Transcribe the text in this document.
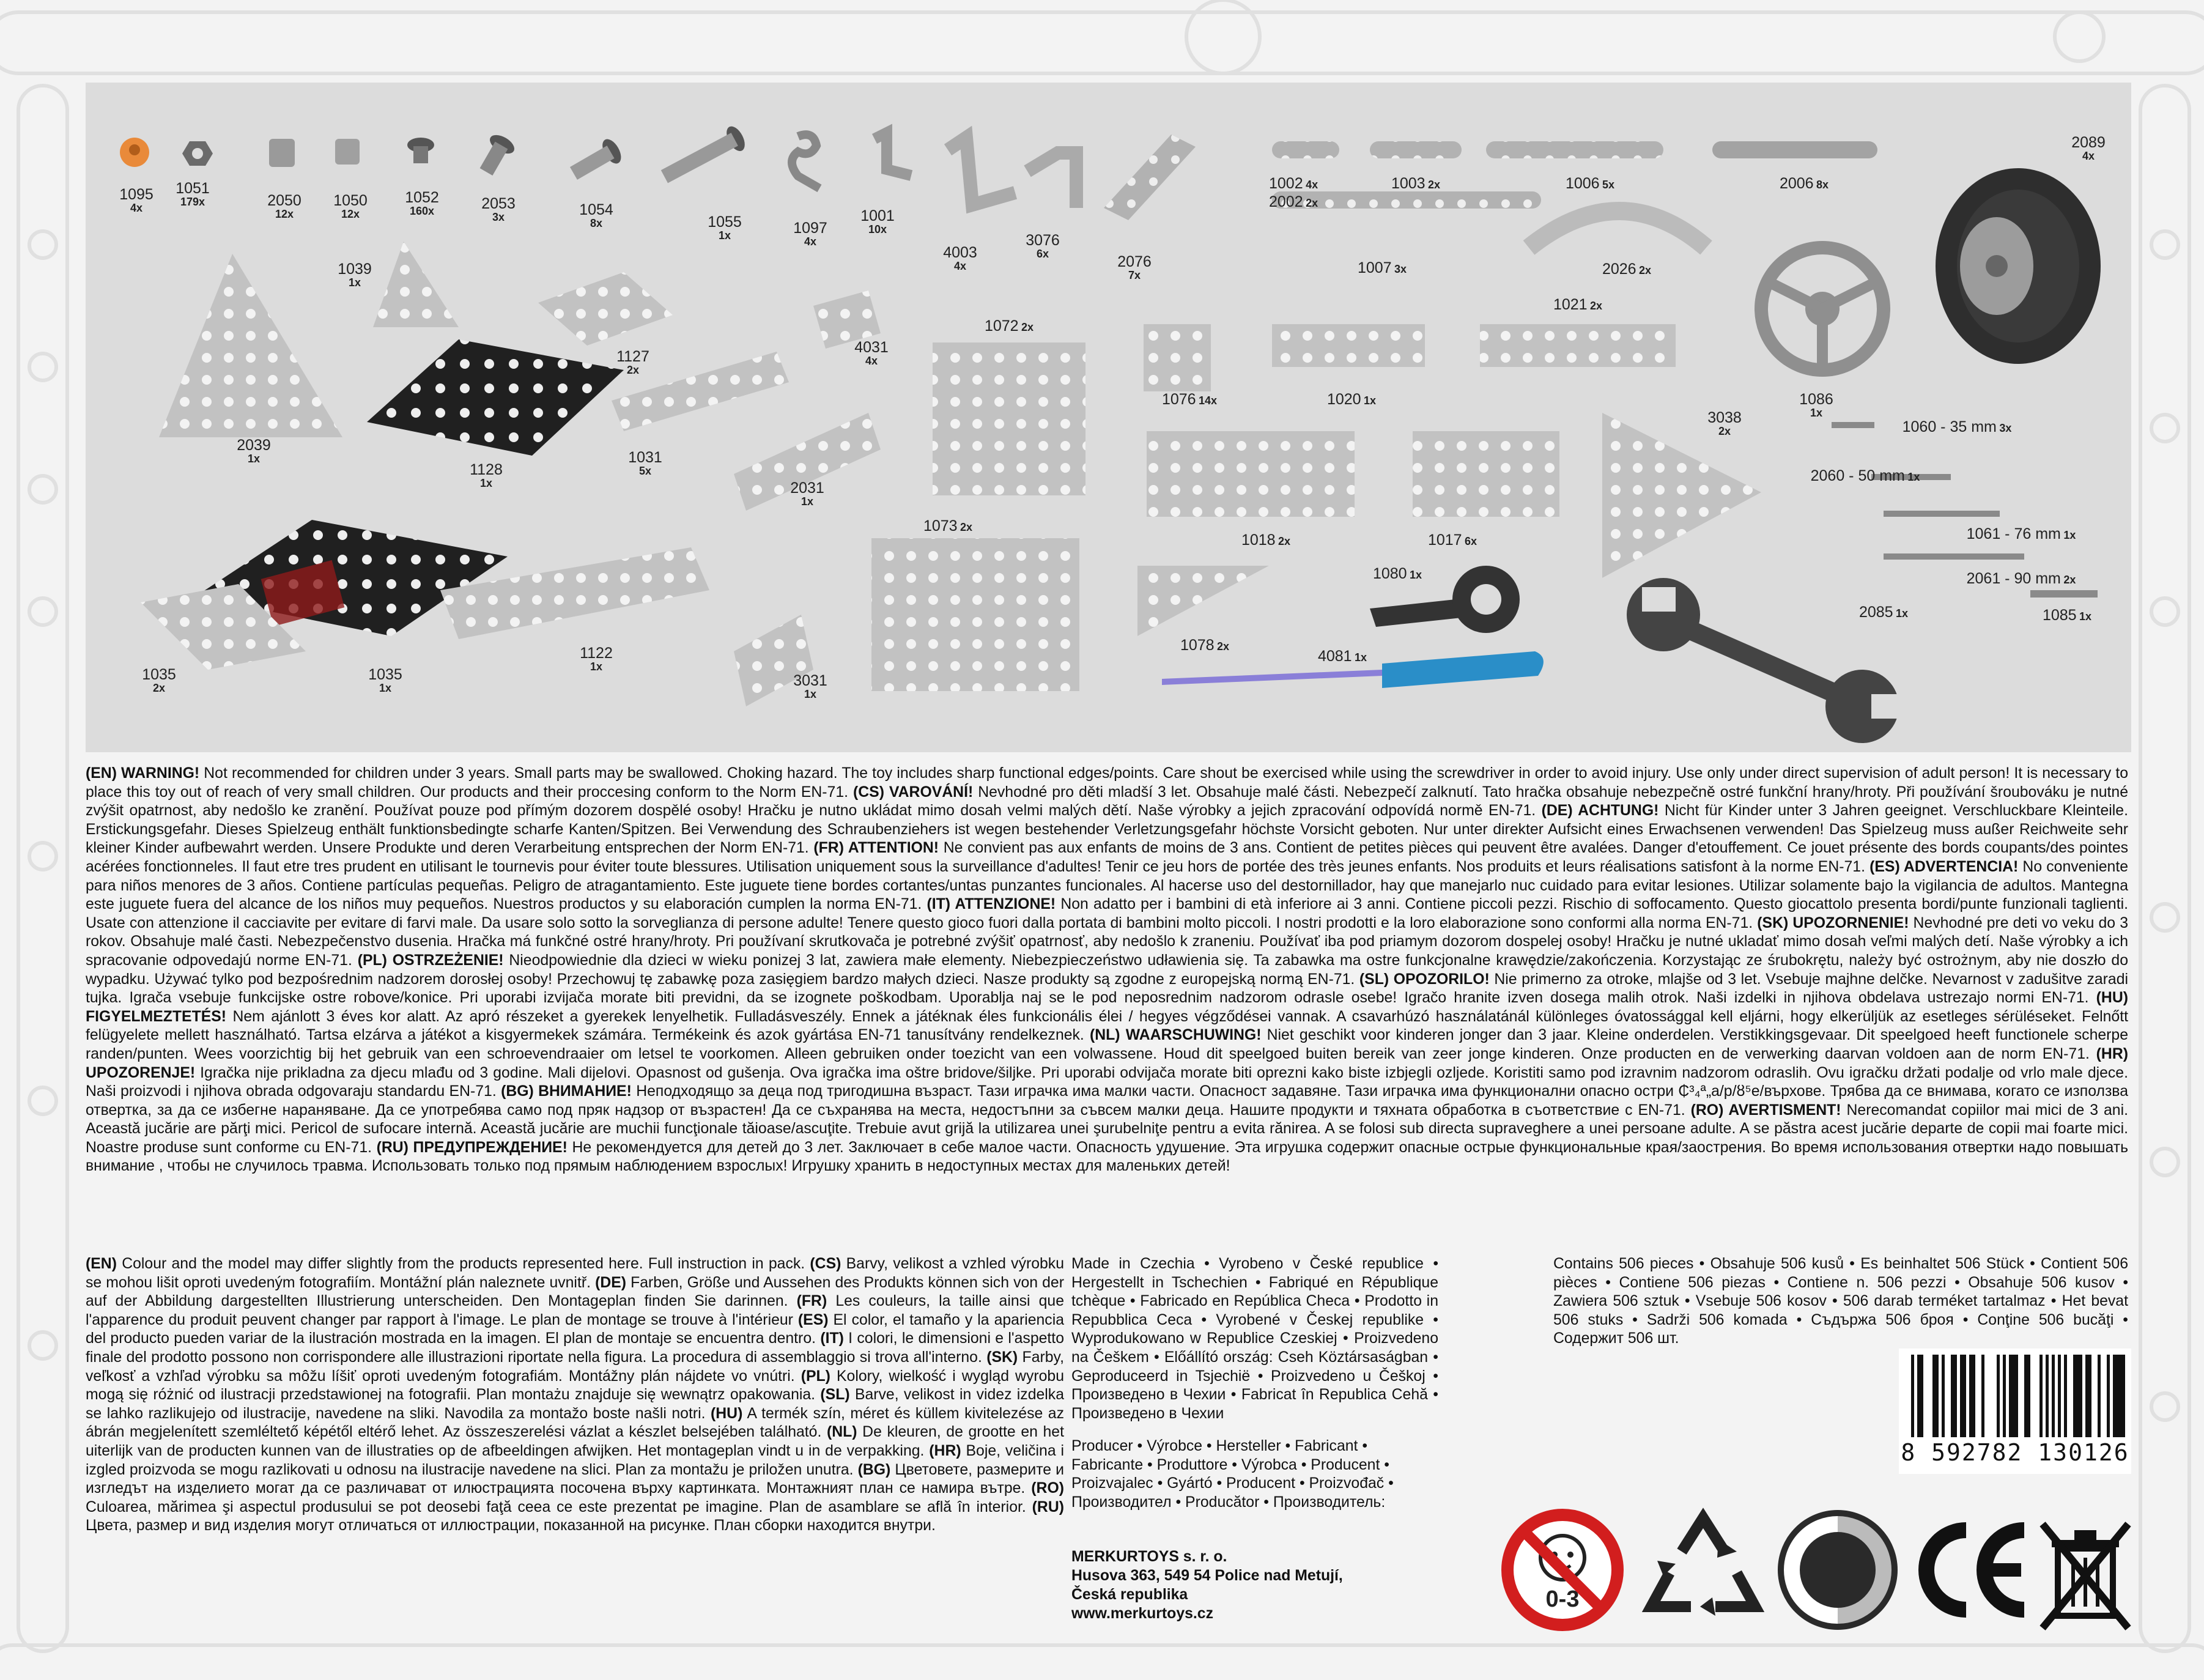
1095
4x
1051
179x	2050
12x
1050
12x
1052
160x	2053
3x	1054
8x	1055
1x	1097
4x
1001
10x
4003
4x
3076
6x	2076
7x
1002 4x
2002 2x
1003 2x	1006 5x	2006 8x
2089
4x
1007 3x	2026 2x
1039
1x
1021 2x
1072 2x
4031
4x
1127
2x
1076 14x	1020 1x	1086
1x
3038
2x	1060 - 35 mm 3x
2039
1x
1128
1x
1031
5x
2031
1x
2060 - 50 mm 1x
1073 2x
1018 2x	1017 6x	1061 - 76 mm 1x
2061 - 90 mm 2x
1080 1x
2085 1x	1085 1x
1122
1x
1078 2x
4081 1x
1035
2x
1035
1x	3031
1x

(EN) WARNING! Not recommended for children under 3 years. Small parts may be swallowed. Choking hazard. The toy includes sharp functional edges/points. Care shout be exercised while using the screwdriver in order to avoid injury. Use only under direct supervision of adult person! It is necessary to place this toy out of reach of very small children. Our products and their proccesing conform to the Norm EN-71. (CS) VAROVÁNÍ! Nevhodné pro děti mladší 3 let. Obsahuje malé části. Nebezpečí zalknutí. Tato hračka obsahuje nebezpečně ostré funkční hrany/hroty. Při používání šroubováku je nutné zvýšit opatrnost, aby nedošlo ke zranění. Používat pouze pod přímým dozorem dospělé osoby! Hračku je nutno ukládat mimo dosah velmi malých dětí. Naše výrobky a jejich zpracování odpovídá normě EN-71. (DE) ACHTUNG! Nicht für Kinder unter 3 Jahren geeignet. Verschluckbare Kleinteile. Erstickungsgefahr. Dieses Spielzeug enthält funktionsbedingte scharfe Kanten/Spitzen. Bei Verwendung des Schraubenziehers ist wegen bestehender Verletzungsgefahr höchste Vorsicht geboten. Nur unter direkter Aufsicht eines Erwachsenen verwenden! Das Spielzeug muss außer Reichweite sehr kleiner Kinder aufbewahrt werden. Unsere Produkte und deren Verarbeitung entsprechen der Norm EN-71. (FR) ATTENTION! Ne convient pas aux enfants de moins de 3 ans. Contient de petites pièces qui peuvent être avalées. Danger d'etouffement. Ce jouet présente des bords coupants/des pointes acérées fonctionneles. Il faut etre tres prudent en utilisant le tournevis pour éviter toute blessures. Utilisation uniquement sous la surveillance d'adultes! Tenir ce jeu hors de portée des très jeunes enfants. Nos produits et leurs réalisations satisfont à la norme EN-71. (ES) ADVERTENCIA! No conveniente para niños menores de 3 años. Contiene partículas pequeñas. Peligro de atragantamiento. Este juguete tiene bordes cortantes/untas punzantes funcionales. Al hacerse uso del destornillador, hay que manejarlo nuc cuidado para evitar lesiones. Utilizar solamente bajo la vigilancia de adultos. Mantegna este juguete fuera del alcance de los niños muy pequeños. Nuestros productos y su elaboración cumplen la norma EN-71. (IT) ATTENZIONE! Non adatto per i bambini di età inferiore ai 3 anni. Contiene piccoli pezzi. Rischio di soffocamento. Questo giocattolo presenta bordi/punte funzionali taglienti. Usate con attenzione il cacciavite per evitare di farvi male. Da usare solo sotto la sorveglianza di persone adulte! Tenere questo gioco fuori dalla portata di bambini molto piccoli. I nostri prodotti e la loro elaborazione sono conformi alla norma EN-71. (SK) UPOZORNENIE! Nevhodné pre deti vo veku do 3 rokov. Obsahuje malé časti. Nebezpečenstvo dusenia. Hračka má funkčné ostré hrany/hroty. Pri používaní skrutkovača je potrebné zvýšiť opatrnosť, aby nedošlo k zraneniu. Používať iba pod priamym dozorom dospelej osoby! Hračku je nutné ukladať mimo dosah veľmi malých detí. Naše výrobky a ich spracovanie odpovedajú norme EN-71. (PL) OSTRZEŻENIE! Nieodpowiednie dla dzieci w wieku ponizej 3 lat, zawiera małe elementy. Niebezpieczeństwo udławienia się. Ta zabawka ma ostre funkcjonalne krawędzie/zakończenia. Korzystając ze śrubokrętu, należy być ostrożnym, aby nie doszło do wypadku. Używać tylko pod bezpośrednim nadzorem dorosłej osoby! Przechowuj tę zabawkę poza zasięgiem bardzo małych dzieci. Nasze produkty są zgodne z europejską normą EN-71. (SL) OPOZORILO! Nie primerno za otroke, mlajše od 3 let. Vsebuje majhne delčke. Nevarnost v zadušitve zaradi tujka. Igrača vsebuje funkcijske ostre robove/konice. Pri uporabi izvijača morate biti previdni, da se izognete poškodbam. Uporablja naj se le pod neposrednim nadzorom odrasle osebe! Igračo hranite izven dosega malih otrok. Naši izdelki in njihova obdelava ustrezajo normi EN-71. (HU) FIGYELMEZTETÉS! Nem ajánlott 3 éves kor alatt. Az apró részeket a gyerekek lenyelhetik. Fulladásveszély. Ennek a játéknak éles funkcionális élei / hegyes végződései vannak. A csavarhúzó használatánál különleges óvatossággal kell eljárni, hogy elkerüljük az esetleges sérüléseket. Felnőtt felügyelete mellett használható. Tartsa elzárva a játékot a kisgyermekek számára. Termékeink és azok gyártása EN-71 tanusítvány rendelkeznek. (NL) WAARSCHUWING! Niet geschikt voor kinderen jonger dan 3 jaar. Kleine onderdelen. Verstikkingsgevaar. Dit speelgoed heeft functionele scherpe randen/punten. Wees voorzichtig bij het gebruik van een schroevendraaier om letsel te voorkomen. Alleen gebruiken onder toezicht van een volwassene. Houd dit speelgoed buiten bereik van zeer jonge kinderen. Onze producten en de verwerking daarvan voldoen aan de norm EN-71. (HR) UPOZORENJE! Igračka nije prikladna za djecu mlađu od 3 godine. Mali dijelovi. Opasnost od gušenja. Ova igračka ima oštre bridove/šiljke. Pri uporabi odvijača morate biti oprezni kako biste izbjegli ozljede. Koristiti samo pod izravnim nadzorom odraslih. Ovu igračku držati podalje od vrlo male djece. Naši proizvodi i njihova obrada odgovaraju standardu EN-71. (BG) ВНИМАНИЕ! Неподходящо за деца под тригодишна възраст. Тази играчка има малки части. Опасност задавяне. Тази играчка има функционални опасно остри ₵³₄ª„a/p/ȣ⁵e/върхове. Трябва да се внимава, когато се използва отвертка, за да се избегне нараняване. Да се употребява само под пряк надзор от възрастен! Да се съхранява на места, недостъпни за съвсем малки деца. Нашите продукти и тяхната обработка в съответствие с EN-71. (RO) AVERTISMENT! Nerecomandat copiilor mai mici de 3 ani. Această jucărie are părţi mici. Pericol de sufocare internă. Această jucărie are muchii funcţionale tăioase/ascuţite. Trebuie avut grijă la utilizarea unei şurubelniţe pentru a evita rănirea. A se folosi sub directa supraveghere a unei persoane adulte. A se păstra acest jucărie departe de copii mai foarte mici. Noastre produse sunt conforme cu EN-71. (RU) ПРЕДУПРЕЖДЕНИЕ! Не рекомендуется для детей до 3 лет. Заключает в себе малое части. Опасность удушение. Эта игрушка содержит опасные острые функциональные края/заострения. Во время использования отвертки надо повышать внимание , чтобы не случилось травма. Использовать только под прямым наблюдением взрослых! Игрушку хранить в недоступных местах для маленьких детей!

(EN) Colour and the model may differ slightly from the products represented here. Full instruction in pack. (CS) Barvy, velikost a vzhled výrobku se mohou lišit oproti uvedeným fotografiím. Montážní plán naleznete uvnitř. (DE) Farben, Größe und Aussehen des Produkts können sich von der auf der Abbildung dargestellten Illustrierung unterscheiden. Den Montageplan finden Sie darinnen. (FR) Les couleurs, la taille ainsi que l'apparence du produit peuvent changer par rapport à l'image. Le plan de montage se trouve à l'intérieur (ES) El color, el tamaño y la apariencia del producto pueden variar de la ilustración mostrada en la imagen. El plan de montaje se encuentra dentro. (IT) I colori, le dimensioni e l'aspetto finale del prodotto possono non corrispondere alle illustrazioni riportate nella figura. La procedura di assemblaggio si trova all'interno. (SK) Farby, veľkosť a vzhľad výrobku sa môžu líšiť oproti uvedeným fotografiám. Montážny plán nájdete vo vnútri. (PL) Kolory, wielkość i wygląd wyrobu mogą się różnić od ilustracji przedstawionej na fotografii. Plan montażu znajduje się wewnątrz opakowania. (SL) Barve, velikost in videz izdelka se lahko razlikujejo od ilustracije, navedene na sliki. Navodila za montažo boste našli notri. (HU) A termék szín, méret és küllem kivitelezése az ábrán megjelenített szemléltető képétől eltérő lehet. Az összeszerelési vázlat a készlet belsejében található. (NL) De kleuren, de grootte en het uiterlijk van de producten kunnen van de illustraties op de afbeeldingen afwijken. Het montageplan vindt u in de verpakking. (HR) Boje, veličina i izgled proizvoda se mogu razlikovati u odnosu na ilustracije navedene na slici. Plan za montažu je priložen unutra. (BG) Цветовете, размерите и изгледът на изделието могат да се различават от илюстрацията посочена върху картинката. Монтажният план се намира вътре. (RO) Culoarea, mărimea şi aspectul produsului se pot deosebi faţă ceea ce este prezentat pe imagine. Plan de asamblare se află în interior. (RU) Цвета, размер и вид изделия могут отличаться от иллюстрации, показанной на рисунке. План сборки находится внутри.

Made in Czechia • Vyrobeno v České republice • Hergestellt in Tschechien • Fabriqué en République tchèque • Fabricado en República Checa • Prodotto in Repubblica Ceca • Vyrobené v Českej republike • Wyprodukowano w Republice Czeskiej • Proizvedeno na Češkem • Előállító ország: Cseh Köztársaságban • Geproduceerd in Tsjechië • Proizvedeno u Češkoj • Произведено в Чехии • Fabricat în Republica Cehă • Произведено в Чехии

Contains 506 pieces • Obsahuje 506 kusů • Es beinhaltet 506 Stück • Contient 506 pièces • Contiene 506 piezas • Contiene n. 506 pezzi • Obsahuje 506 kusov • Zawiera 506 sztuk • Vsebuje 506 kosov • 506 darab terméket tartalmaz • Het bevat 506 stuks • Sadrži 506 komada • Съдържа 506 броя • Conţine 506 bucăţi • Содержит 506 шт.

Producer • Výrobce • Hersteller • Fabricant • Fabricante • Produttore • Výrobca • Producent • Proizvajalec • Gyártó • Producent • Proizvođač • Производител • Producător • Производитель:

MERKURTOYS s. r. o.
Husova 363, 549 54 Police nad Metují,
Česká republika
www.merkurtoys.cz

8 592782 130126
0-3
